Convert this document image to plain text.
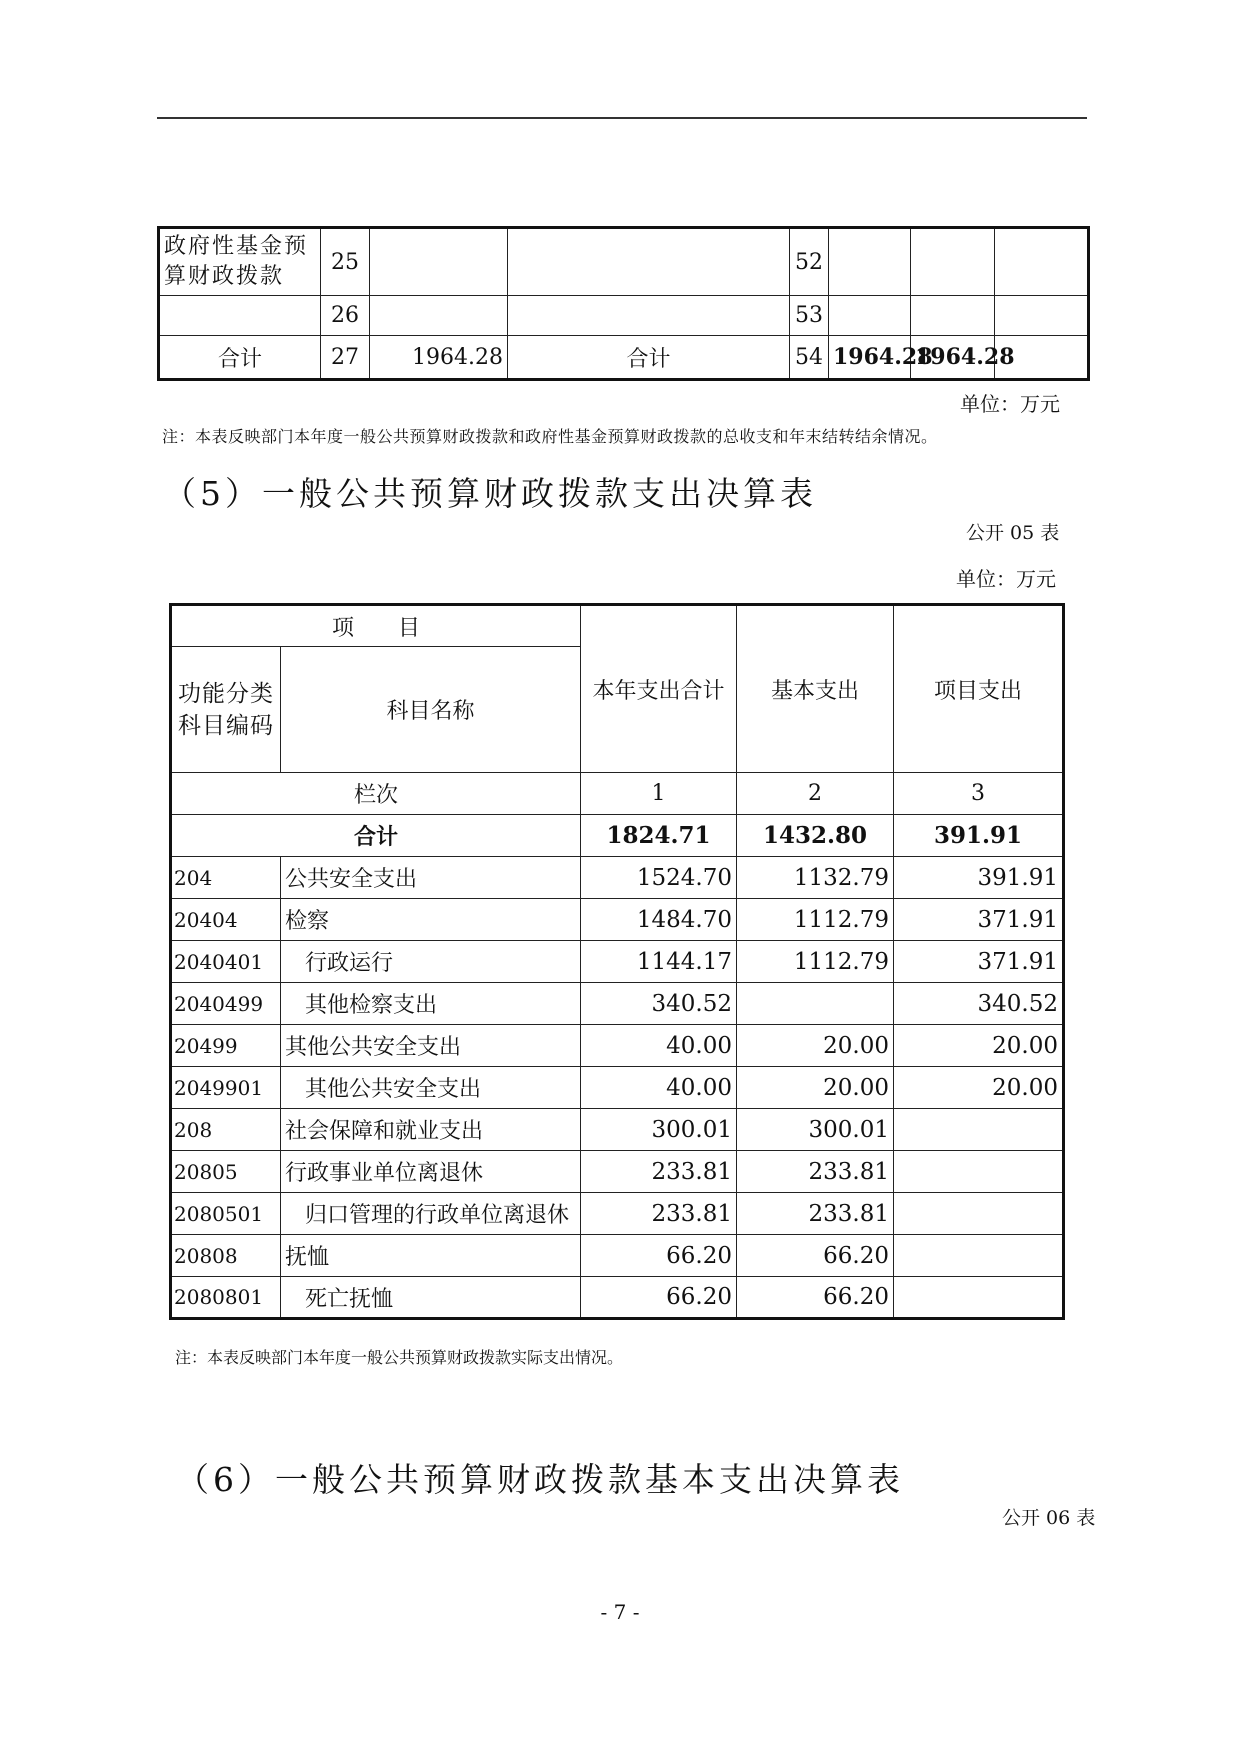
政府性基金预算财政拨款	25			52			
	26			53			
合计	27	1964.28	合计	54	1964.28	1964.28	
单位：万元
注：本表反映部门本年度一般公共预算财政拨款和政府性基金预算财政拨款的总收支和年末结转结余情况。
（5）一般公共预算财政拨款支出决算表
公开 05 表
单位：万元
项　　目		本年支出合计	基本支出	项目支出
功能分类科目编码	科目名称			
栏次		1	2	3
合计		1824.71	1432.80	391.91
204	公共安全支出	1524.70	1132.79	391.91
20404	检察	1484.70	1112.79	371.91
2040401	行政运行	1144.17	1112.79	371.91
2040499	其他检察支出	340.52		340.52
20499	其他公共安全支出	40.00	20.00	20.00
2049901	其他公共安全支出	40.00	20.00	20.00
208	社会保障和就业支出	300.01	300.01	
20805	行政事业单位离退休	233.81	233.81	
2080501	归口管理的行政单位离退休	233.81	233.81	
20808	抚恤	66.20	66.20	
2080801	死亡抚恤	66.20	66.20	
注：本表反映部门本年度一般公共预算财政拨款实际支出情况。
（6）一般公共预算财政拨款基本支出决算表
公开 06 表
- 7 -
